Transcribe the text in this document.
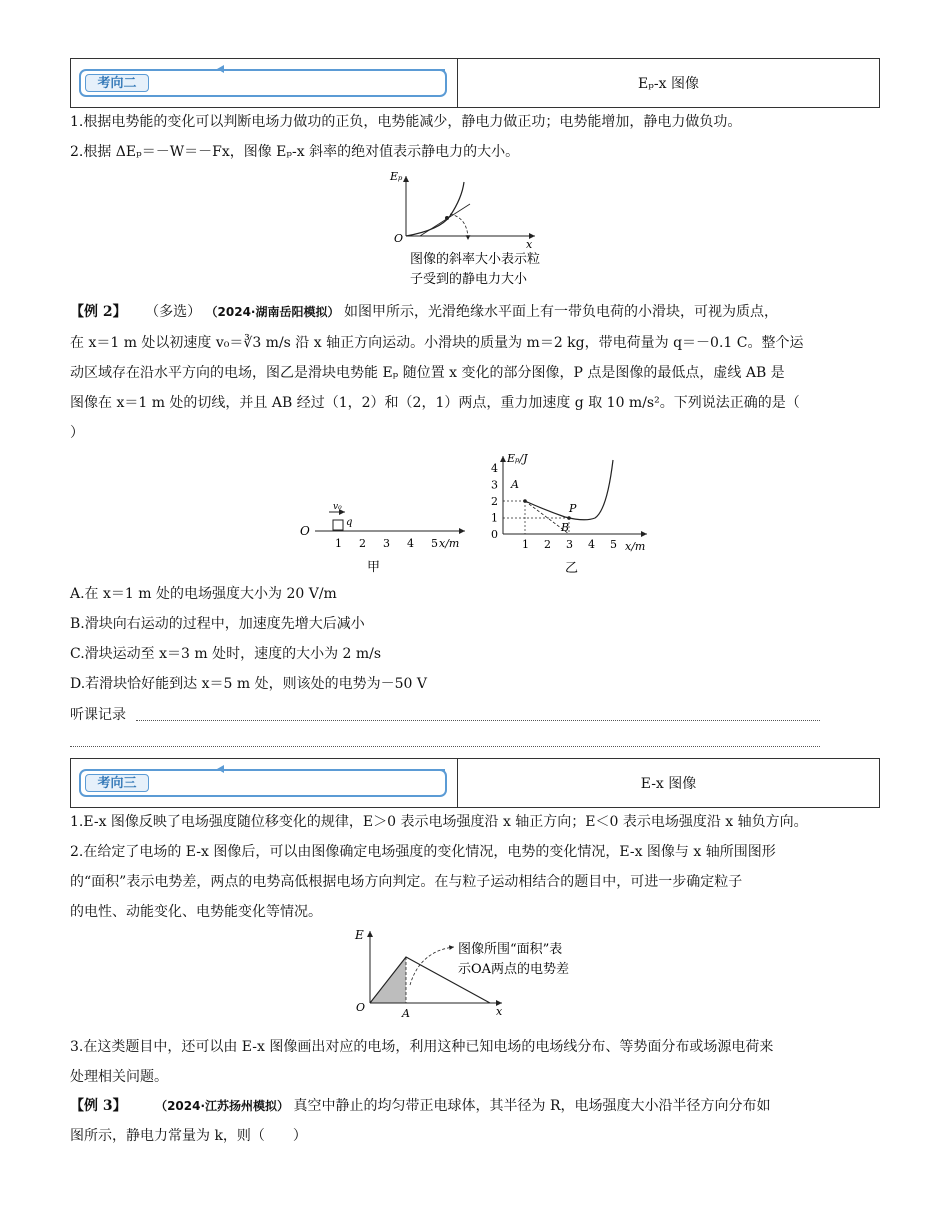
考向二	Eₚ-x 图像
1.根据电势能的变化可以判断电场力做功的正负，电势能减少，静电力做正功；电势能增加，静电力做负功。
2.根据 ΔEₚ＝－W＝－Fx，图像 Eₚ-x 斜率的绝对值表示静电力的大小。
Eₚ
O	x
图像的斜率大小表示粒
子受到的静电力大小
【例 2】 （多选） （2024·湖南岳阳模拟） 如图甲所示，光滑绝缘水平面上有一带负电荷的小滑块，可视为质点，
在 x＝1 m 处以初速度 v₀＝∛3 m/s 沿 x 轴正方向运动。小滑块的质量为 m＝2 kg，带电荷量为 q＝－0.1 C。整个运
动区域存在沿水平方向的电场，图乙是滑块电势能 Eₚ 随位置 x 变化的部分图像，P 点是图像的最低点，虚线 AB 是
图像在 x＝1 m 处的切线，并且 AB 经过（1，2）和（2，1）两点，重力加速度 g 取 10 m/s²。下列说法正确的是（
）
v₀
q
O
1 2 3 4 5 x/m
甲
A
B
P
Eₚ/J
0
1
2
3
4
1 2 3 4 5 x/m
乙
A.在 x＝1 m 处的电场强度大小为 20 V/m
B.滑块向右运动的过程中，加速度先增大后减小
C.滑块运动至 x＝3 m 处时，速度的大小为 2 m/s
D.若滑块恰好能到达 x＝5 m 处，则该处的电势为－50 V
听课记录
考向三	E-x 图像
1.E-x 图像反映了电场强度随位移变化的规律，E＞0 表示电场强度沿 x 轴正方向；E＜0 表示电场强度沿 x 轴负方向。
2.在给定了电场的 E-x 图像后，可以由图像确定电场强度的变化情况，电势的变化情况，E-x 图像与 x 轴所围图形
的“面积”表示电势差，两点的电势高低根据电场方向判定。在与粒子运动相结合的题目中，可进一步确定粒子
的电性、动能变化、电势能变化等情况。
E
O	A	x
图像所围“面积”表
示OA两点的电势差
3.在这类题目中，还可以由 E-x 图像画出对应的电场，利用这种已知电场的电场线分布、等势面分布或场源电荷来
处理相关问题。
【例 3】 （2024·江苏扬州模拟） 真空中静止的均匀带正电球体，其半径为 R，电场强度大小沿半径方向分布如
图所示，静电力常量为 k，则（　　）
